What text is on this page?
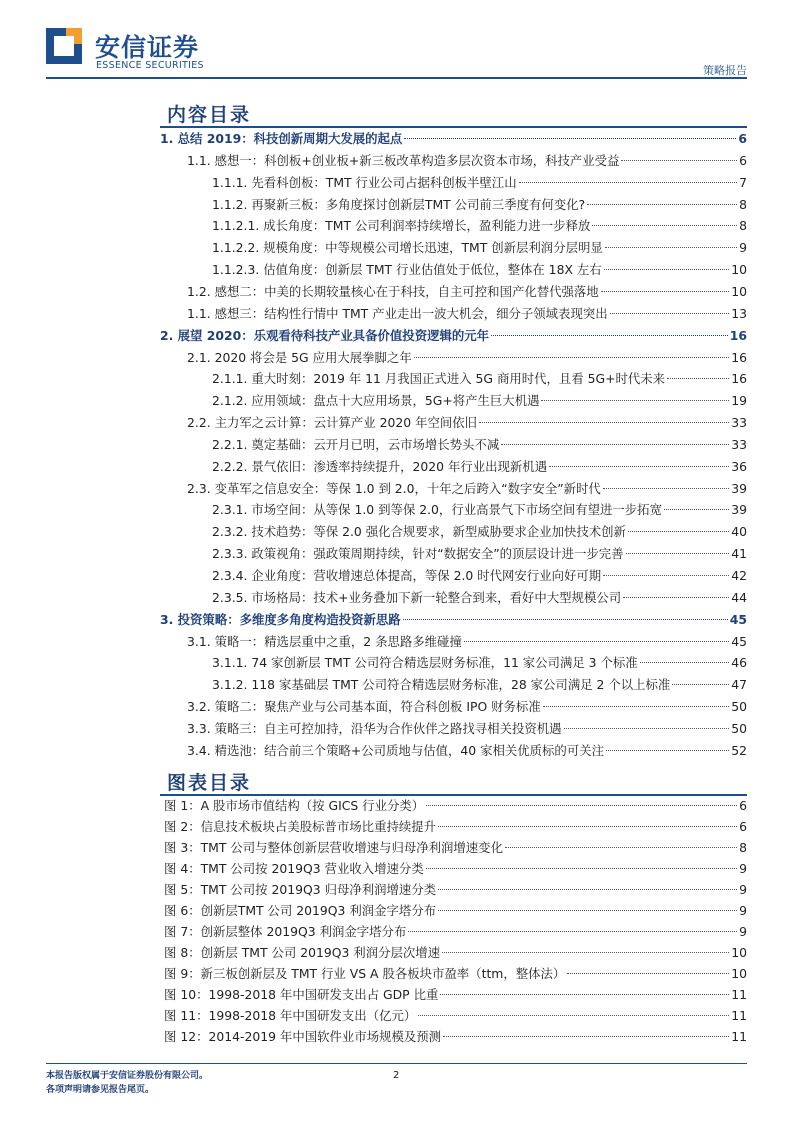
安信证券
ESSENCE SECURITIES	策略报告
内容目录
1. 总结 2019：科技创新周期大发展的起点	6
1.1. 感想一：科创板+创业板+新三板改革构造多层次资本市场，科技产业受益	6
1.1.1. 先看科创板：TMT 行业公司占据科创板半壁江山	7
1.1.2. 再聚新三板：多角度探讨创新层TMT 公司前三季度有何变化?	8
1.1.2.1. 成长角度：TMT 公司利润率持续增长，盈利能力进一步释放	8
1.1.2.2. 规模角度：中等规模公司增长迅速，TMT 创新层利润分层明显	9
1.1.2.3. 估值角度：创新层 TMT 行业估值处于低位，整体在 18X 左右	10
1.2. 感想二：中美的长期较量核心在于科技，自主可控和国产化替代强落地	10
1.1. 感想三：结构性行情中 TMT 产业走出一波大机会，细分子领域表现突出	13
2. 展望 2020：乐观看待科技产业具备价值投资逻辑的元年	16
2.1. 2020 将会是 5G 应用大展拳脚之年	16
2.1.1. 重大时刻：2019 年 11 月我国正式进入 5G 商用时代，且看 5G+时代未来	16
2.1.2. 应用领域：盘点十大应用场景，5G+将产生巨大机遇	19
2.2. 主力军之云计算：云计算产业 2020 年空间依旧	33
2.2.1. 奠定基础：云开月已明，云市场增长势头不减	33
2.2.2. 景气依旧：渗透率持续提升，2020 年行业出现新机遇	36
2.3. 变革军之信息安全：等保 1.0 到 2.0，十年之后跨入“数字安全”新时代	39
2.3.1. 市场空间：从等保 1.0 到等保 2.0，行业高景气下市场空间有望进一步拓宽	39
2.3.2. 技术趋势：等保 2.0 强化合规要求，新型威胁要求企业加快技术创新	40
2.3.3. 政策视角：强政策周期持续，针对“数据安全”的顶层设计进一步完善	41
2.3.4. 企业角度：营收增速总体提高，等保 2.0 时代网安行业向好可期	42
2.3.5. 市场格局：技术+业务叠加下新一轮整合到来，看好中大型规模公司	44
3. 投资策略：多维度多角度构造投资新思路	45
3.1. 策略一：精选层重中之重，2 条思路多维碰撞	45
3.1.1. 74 家创新层 TMT 公司符合精选层财务标准，11 家公司满足 3 个标准	46
3.1.2. 118 家基础层 TMT 公司符合精选层财务标准，28 家公司满足 2 个以上标准	47
3.2. 策略二：聚焦产业与公司基本面，符合科创板 IPO 财务标准	50
3.3. 策略三：自主可控加持，沿华为合作伙伴之路找寻相关投资机遇	50
3.4. 精选池：结合前三个策略+公司质地与估值，40 家相关优质标的可关注	52
图表目录
图 1：A 股市场市值结构（按 GICS 行业分类）	6
图 2：信息技术板块占美股标普市场比重持续提升	6
图 3：TMT 公司与整体创新层营收增速与归母净利润增速变化	8
图 4：TMT 公司按 2019Q3 营业收入增速分类	9
图 5：TMT 公司按 2019Q3 归母净利润增速分类	9
图 6：创新层TMT 公司 2019Q3 利润金字塔分布	9
图 7：创新层整体 2019Q3 利润金字塔分布	9
图 8：创新层 TMT 公司 2019Q3 利润分层次增速	10
图 9：新三板创新层及 TMT 行业 VS A 股各板块市盈率（ttm，整体法）	10
图 10：1998-2018 年中国研发支出占 GDP 比重	11
图 11：1998-2018 年中国研发支出（亿元）	11
图 12：2014-2019 年中国软件业市场规模及预测	11
本报告版权属于安信证券股份有限公司。
各项声明请参见报告尾页。
2
